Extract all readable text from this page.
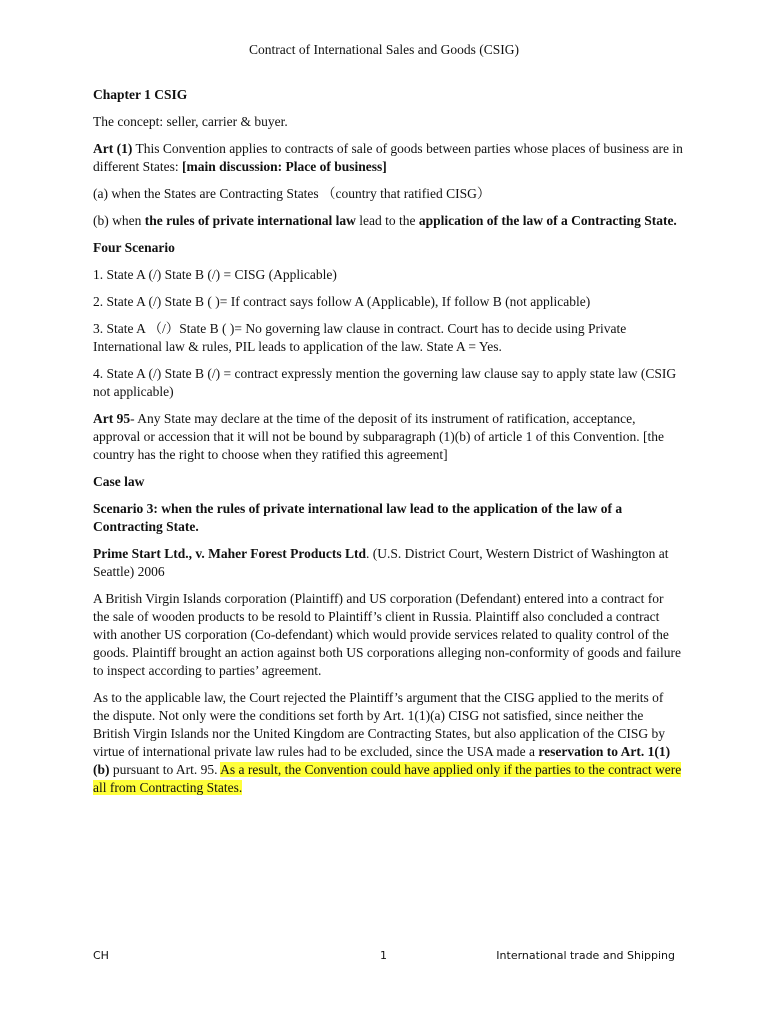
Contract of International Sales and Goods (CSIG)

Chapter 1 CSIG

The concept: seller, carrier & buyer.

Art (1) This Convention applies to contracts of sale of goods between parties whose places of business are in different States: [main discussion: Place of business]

(a) when the States are Contracting States （country that ratified CISG）

(b) when the rules of private international law lead to the application of the law of a Contracting State.

Four Scenario

1. State A (/) State B (/) = CISG (Applicable)

2. State A (/) State B ( )= If contract says follow A (Applicable), If follow B (not applicable)

3. State A （/）State B ( )= No governing law clause in contract. Court has to decide using Private International law & rules, PIL leads to application of the law. State A = Yes.

4. State A (/) State B (/) = contract expressly mention the governing law clause say to apply state law (CSIG not applicable)

Art 95- Any State may declare at the time of the deposit of its instrument of ratification, acceptance, approval or accession that it will not be bound by subparagraph (1)(b) of article 1 of this Convention. [the country has the right to choose when they ratified this agreement]

Case law

Scenario 3: when the rules of private international law lead to the application of the law of a Contracting State.

Prime Start Ltd., v. Maher Forest Products Ltd. (U.S. District Court, Western District of Washington at Seattle) 2006

A British Virgin Islands corporation (Plaintiff) and US corporation (Defendant) entered into a contract for the sale of wooden products to be resold to Plaintiff’s client in Russia. Plaintiff also concluded a contract with another US corporation (Co-defendant) which would provide services related to quality control of the goods. Plaintiff brought an action against both US corporations alleging non-conformity of goods and failure to inspect according to parties’ agreement.

As to the applicable law, the Court rejected the Plaintiff’s argument that the CISG applied to the merits of the dispute. Not only were the conditions set forth by Art. 1(1)(a) CISG not satisfied, since neither the British Virgin Islands nor the United Kingdom are Contracting States, but also application of the CISG by virtue of international private law rules had to be excluded, since the USA made a reservation to Art. 1(1)(b) pursuant to Art. 95. As a result, the Convention could have applied only if the parties to the contract were all from Contracting States.

CH	1	International trade and Shipping
